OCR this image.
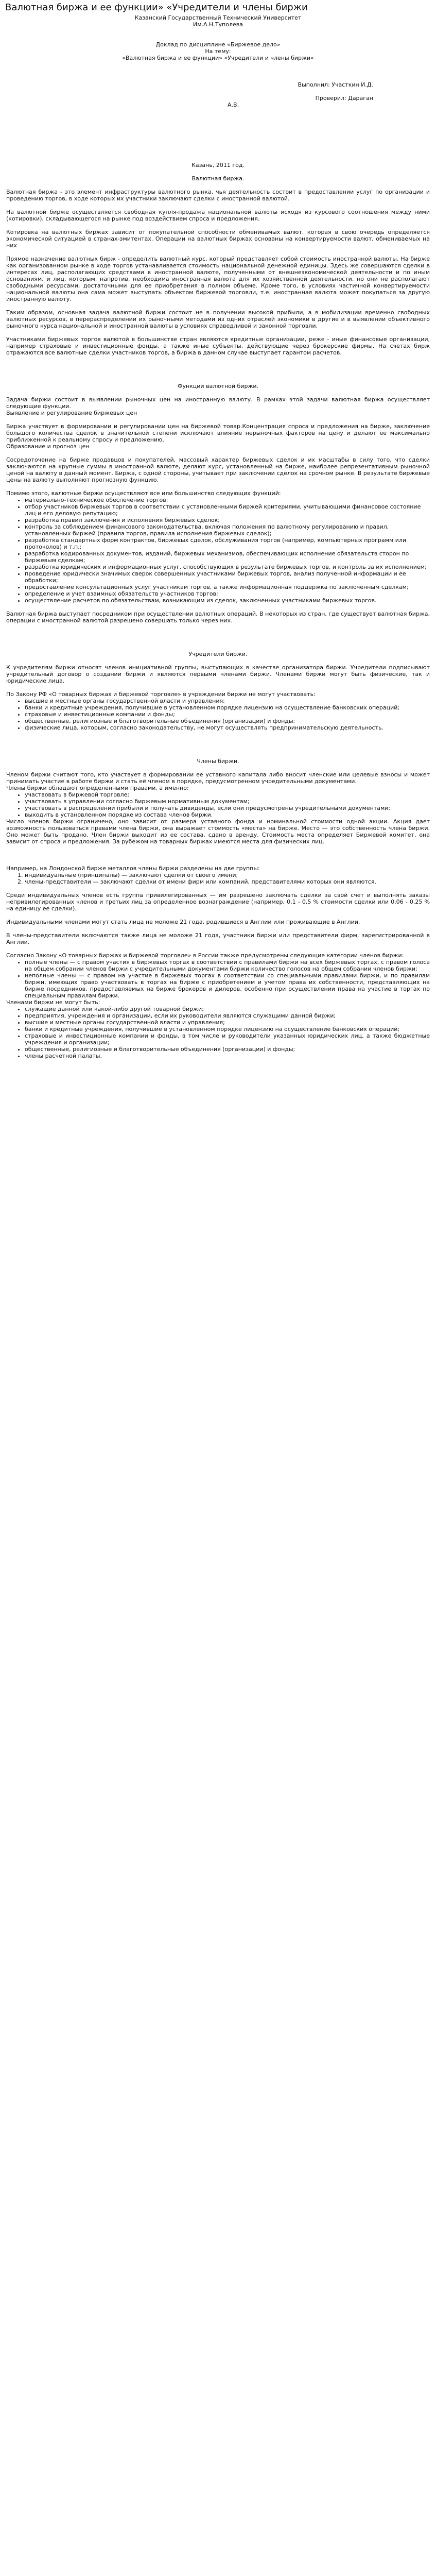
Валютная биржа и ее функции» «Учредители и члены биржи

Казанский Государственный Технический Университет

Им.А.Н.Туполева

Доклад по дисциплине «Биржевое дело»

На тему:

«Валютная биржа и ее функции» «Учредители и члены биржи»

Выполнил: Участкин И.Д.

Проверил: Дараган

А.В.

Казань, 2011 год.

Валютная биржа.

Валютная биржа - это элемент инфраструктуры валютного рынка, чья деятельность состоит в предоставлении услуг по организации и проведению торгов, в ходе которых их участники заключают сделки с иностранной валютой.

На валютной бирже осуществляется свободная купля-продажа национальной валюты исходя из курсового соотношения между ними (котировки), складывающегося на рынке под воздействием спроса и предложения.

Котировка на валютных биржах зависит от покупательной способности обменивамых валют, которая в свою очередь определяется экономической ситуацией в странах-эмитентах. Операции на валютных биржах основаны на конвертируемости валют, обмениваемых на них

Прямое назначение валютных бирж - определить валютный курс, который представляет собой стоимость иностранной валюты. На бирже как организованном рынке в ходе торгов устанавливается стоимость национальной денежной единицы. Здесь же совершаются сделки в интересах лиц, располагающих средствами в иностранной валюте, полученными от внешнеэкономической деятельности и по иным основаниям, и лиц, которым, напротив, необходима иностранная валюта для их хозяйственной деятельности, но они не располагают свободными ресурсами, достаточными для ее приобретения в полном объеме. Кроме того, в условиях частичной конвертируемости национальной валюты она сама может выступать объектом биржевой торговли, т.е. иностранная валюта может покупаться за другую иностранную валюту.

Таким образом, основная задача валютной биржи состоит не в получении высокой прибыли, а в мобилизации временно свободных валютных ресурсов, в перераспределении их рыночными методами из одних отраслей экономики в другие и в выявлении объективного рыночного курса национальной и иностранной валюты в условиях справедливой и законной торговли.

Участниками биржевых торгов валютой в большинстве стран являются кредитные организации, реже - иные финансовые организации, например страховые и инвестиционные фонды, а также иные субъекты, действующие через брокерские фирмы. На счетах бирж отражаются все валютные сделки участников торгов, а биржа в данном случае выступает гарантом расчетов.

Функции валютной биржи.

Задача биржи состоит в выявлении рыночных цен на иностранную валюту. В рамках этой задачи валютная биржа осуществляет следующие функции.

Выявление и регулирование биржевых цен

Биржа участвует в формировании и регулировании цен на биржевой товар.Концентрация спроса и предложения на бирже, заключение большого количества сделок в значительной степени исключают влияние нерыночных факторов на цену и делают ее максимально приближенной к реальному спросу и предложению.

Образование и прогноз цен

Сосредоточение на бирже продавцов и покупателей, массовый характер биржевых сделок и их масштабы в силу того, что сделки заключаются на крупные суммы в иностранной валюте, делают курс, установленный на бирже, наиболее репрезентативным рыночной ценой на валюту в данный момент. Биржа, с одной стороны, учитывает при заключении сделок на срочном рынке. В результате биржевые цены на валюту выполняют прогнозную функцию.

Помимо этого, валютные биржи осуществляют все или большинство следующих функций:

• материально-техническое обеспечение торгов;
• отбор участников биржевых торгов в соответствии с установленными биржей критериями, учитывающими финансовое состояние лиц и его деловую репутацию;
• разработка правил заключения и исполнения биржевых сделок;
• контроль за соблюдением финансового законодательства, включая положения по валютному регулированию и правил, установленных биржей (правила торгов, правила исполнения биржевых сделок);
• разработка стандартных форм контрактов, биржевых сделок, обслуживания торгов (например, компьютерных программ или протоколов) и т.п.;
• разработка кодированных документов, изданий, биржевых механизмов, обеспечивающих исполнение обязательств сторон по биржевым сделкам;
• разработка юридических и информационных услуг, способствующих в результате биржевых торгов, и контроль за их исполнением;
• проведение юридически значимых сверок совершенных участниками биржевых торгов, анализ полученной информации и ее обработки;
• предоставление консультационных услуг участникам торгов, а также информационная поддержка по заключенным сделкам;
• определение и учет взаимных обязательств участников торгов;
• осуществление расчетов по обязательствам, возникающим из сделок, заключенных участниками биржевых торгов.

Валютная биржа выступает посредником при осуществлении валютных операций. В некоторых из стран, где существует валютная биржа, операции с иностранной валютой разрешено совершать только через них.

Учредители биржи.

К учредителям биржи относят членов инициативной группы, выступающих в качестве организатора биржи. Учредители подписывают учредительный договор о создании биржи и являются первыми членами биржи. Членами биржи могут быть физические, так и юридические лица.

По Закону РФ «О товарных биржах и биржевой торговле» в учреждении биржи не могут участвовать:

• высшие и местные органы государственной власти и управления;
• банки и кредитные учреждения, получившие в установленном порядке лицензию на осуществление банковских операций;
• страховые и инвестиционные компании и фонды;
• общественные, религиозные и благотворительные объединения (организации) и фонды;
• физические лица, которым, согласно законодательству, не могут осуществлять предпринимательскую деятельность.

Члены биржи.

Членом биржи считают того, кто участвует в формировании ее уставного капитала либо вносит членские или целевые взносы и может принимать участие в работе биржи и стать её членом в порядке, предусмотренном учредительными документами.

Члены биржи обладают определенными правами, а именно:

• участвовать в биржевой торговле;
• участвовать в управлении согласно биржевым нормативным документам;
• участвовать в распределении прибыли и получать дивиденды, если они предусмотрены учредительными документами;
• выходить в установленном порядке из состава членов биржи.

Число членов биржи ограничено, оно зависит от размера уставного фонда и номинальной стоимости одной акции. Акция дает возможность пользоваться правами члена биржи, она выражает стоимость «места» на бирже. Место — это собственность члена биржи. Оно может быть продано. Член биржи выходит из ее состава, сдано в аренду. Стоимость места определяет Биржевой комитет, она зависит от спроса и предложения. За рубежом на товарных биржах имеются места для физических лиц.

Например, на Лондонской бирже металлов члены биржи разделены на две группы:

1. индивидуальные (принципалы) — заключают сделки от своего имени;
2. члены-представители — заключают сделки от имени фирм или компаний, представителями которых они являются.

Среди индивидуальных членов есть группа привилегированных — им разрешено заключать сделки за свой счет и выполнять заказы непривилегированных членов и третьих лиц за определенное вознаграждение (например, 0,1 - 0,5 % стоимости сделки или 0,06 - 0,25 % на единицу ее сделки).

Индивидуальными членами могут стать лица не моложе 21 года, родившиеся в Англии или проживающие в Англии.

В члены-представители включаются также лица не моложе 21 года, участники биржи или представители фирм, зарегистрированной в Англии.

Согласно Закону «О товарных биржах и биржевой торговле» в России также предусмотрены следующие категории членов биржи:

• полные члены — с правом участия в биржевых торгах в соответствии с правилами биржи на всех биржевых торгах, с правом голоса на общем собрании членов биржи с учредительными документами биржи количество голосов на общем собрании членов биржи;
• неполные члены — с правом на участие в биржевых торгах в соответствии со специальными правилами биржи, и по правилам биржи, имеющих право участвовать в торгах на бирже с приобретением и учетом права их собственности, представляющих на бирже посредников, предоставляемых на бирже брокеров и дилеров, особенно при осуществлении права на участие в торгах по специальным правилам биржи.

Членами биржи не могут быть:

• служащие данной или какой-либо другой товарной биржи;
• предприятия, учреждения и организации, если их руководители являются служащими данной биржи;
• высшие и местные органы государственной власти и управления;
• банки и кредитные учреждения, получившие в установленном порядке лицензию на осуществление банковских операций;
• страховые и инвестиционные компании и фонды, в том числе и руководители указанных юридических лиц, а также бюджетные учреждения и организации;
• общественные, религиозные и благотворительные объединения (организации) и фонды;
• члены расчетной палаты.
